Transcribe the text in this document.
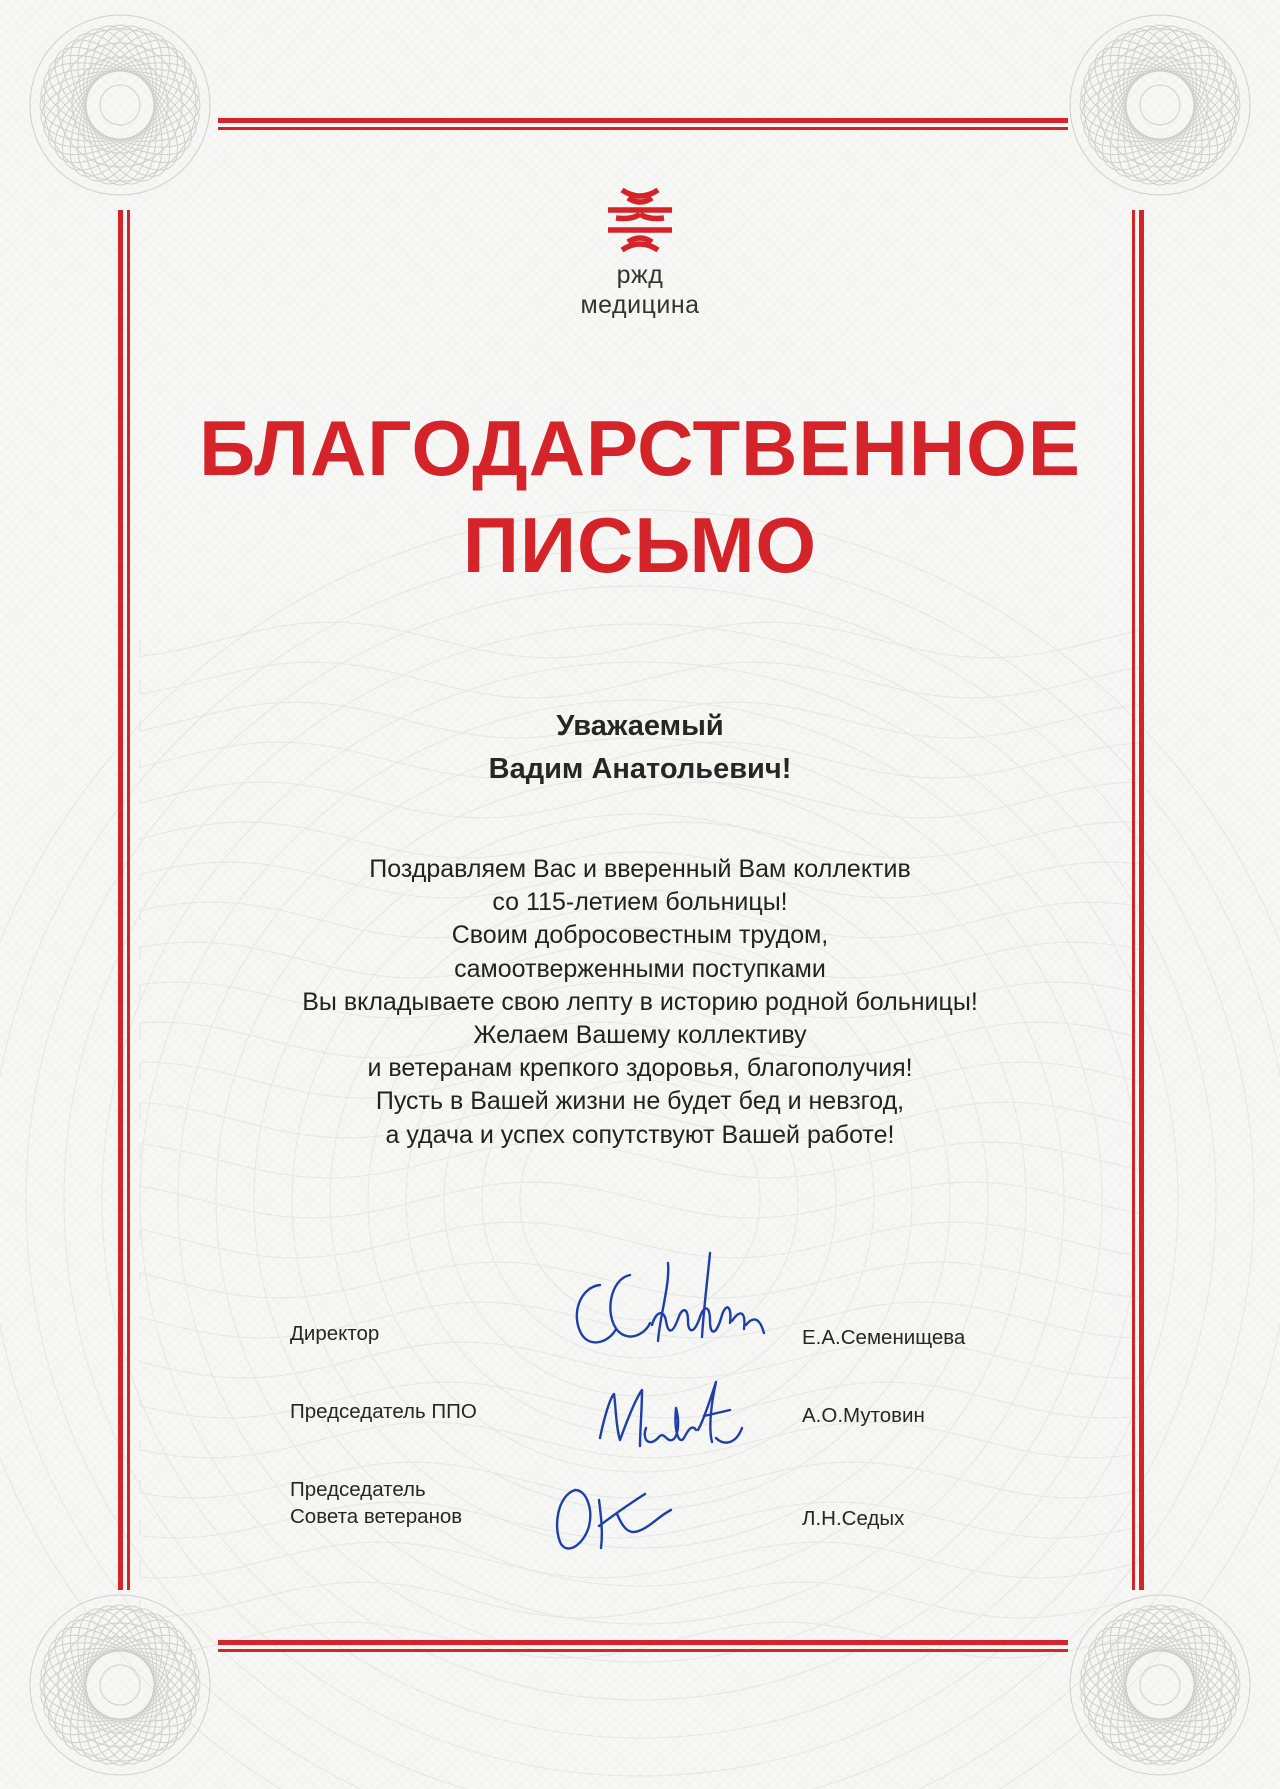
ржд
медицина
БЛАГОДАРСТВЕННОЕ
ПИСЬМО
Уважаемый
Вадим Анатольевич!
Поздравляем Вас и вверенный Вам коллектив
со 115-летием больницы!
Своим добросовестным трудом,
самоотверженными поступками
Вы вкладываете свою лепту в историю родной больницы!
Желаем Вашему коллективу
и ветеранам крепкого здоровья, благополучия!
Пусть в Вашей жизни не будет бед и невзгод,
а удача и успех сопутствуют Вашей работе!
Директор	Е.А.Семенищева
Председатель ППО	А.О.Мутовин
Председатель
Совета ветеранов	Л.Н.Седых
